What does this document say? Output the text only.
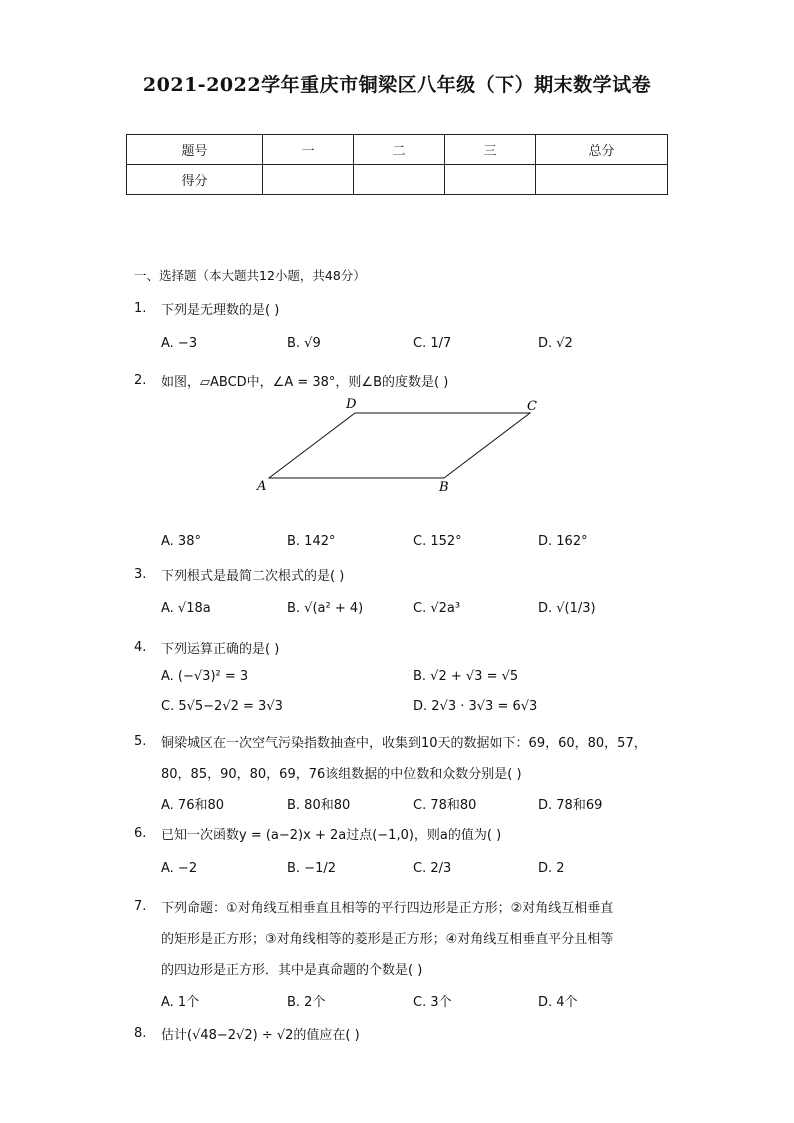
2021-2022学年重庆市铜梁区八年级（下）期末数学试卷
题号	一	二	三	总分
得分				
一、选择题（本大题共12小题，共48分）
1. 下列是无理数的是( )
A. −3	B. √9	C. 1/7	D. √2
2. 如图，▱ABCD中，∠A = 38°，则∠B的度数是( )
D	C
A	B
A. 38°	B. 142°	C. 152°	D. 162°
3. 下列根式是最简二次根式的是( )
A. √18a	B. √(a² + 4)	C. √2a³	D. √(1/3)
4. 下列运算正确的是( )
A. (−√3)² = 3	B. √2 + √3 = √5
C. 5√5−2√2 = 3√3	D. 2√3 · 3√3 = 6√3
5. 铜梁城区在一次空气污染指数抽查中，收集到10天的数据如下：69，60，80，57，
80，85，90，80，69，76该组数据的中位数和众数分别是( )
A. 76和80	B. 80和80	C. 78和80	D. 78和69
6. 已知一次函数y = (a−2)x + 2a过点(−1,0)，则a的值为( )
A. −2	B. −1/2	C. 2/3	D. 2
7. 下列命题：①对角线互相垂直且相等的平行四边形是正方形；②对角线互相垂直
的矩形是正方形；③对角线相等的菱形是正方形；④对角线互相垂直平分且相等
的四边形是正方形．其中是真命题的个数是( )
A. 1个	B. 2个	C. 3个	D. 4个
8. 估计(√48−2√2) ÷ √2的值应在( )
